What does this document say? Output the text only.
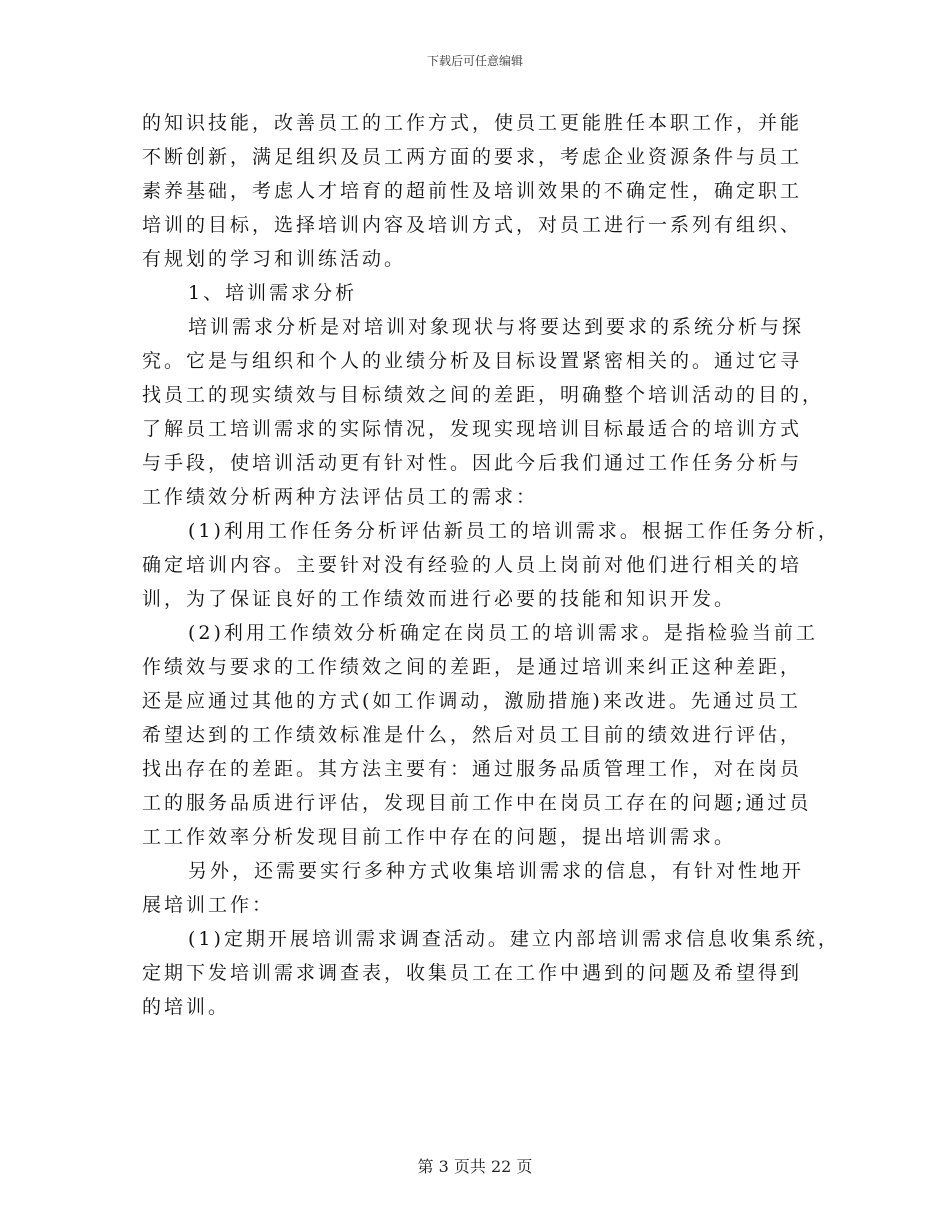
下载后可任意编辑
的知识技能，改善员工的工作方式，使员工更能胜任本职工作，并能
不断创新，满足组织及员工两方面的要求，考虑企业资源条件与员工
素养基础，考虑人才培育的超前性及培训效果的不确定性，确定职工
培训的目标，选择培训内容及培训方式，对员工进行一系列有组织、
有规划的学习和训练活动。
1、培训需求分析
培训需求分析是对培训对象现状与将要达到要求的系统分析与探
究。它是与组织和个人的业绩分析及目标设置紧密相关的。通过它寻
找员工的现实绩效与目标绩效之间的差距，明确整个培训活动的目的，
了解员工培训需求的实际情况，发现实现培训目标最适合的培训方式
与手段，使培训活动更有针对性。因此今后我们通过工作任务分析与
工作绩效分析两种方法评估员工的需求：
(1)利用工作任务分析评估新员工的培训需求。根据工作任务分析，
确定培训内容。主要针对没有经验的人员上岗前对他们进行相关的培
训，为了保证良好的工作绩效而进行必要的技能和知识开发。
(2)利用工作绩效分析确定在岗员工的培训需求。是指检验当前工
作绩效与要求的工作绩效之间的差距，是通过培训来纠正这种差距，
还是应通过其他的方式(如工作调动，激励措施)来改进。先通过员工
希望达到的工作绩效标准是什么，然后对员工目前的绩效进行评估，
找出存在的差距。其方法主要有：通过服务品质管理工作，对在岗员
工的服务品质进行评估，发现目前工作中在岗员工存在的问题;通过员
工工作效率分析发现目前工作中存在的问题，提出培训需求。
另外，还需要实行多种方式收集培训需求的信息，有针对性地开
展培训工作：
(1)定期开展培训需求调查活动。建立内部培训需求信息收集系统，
定期下发培训需求调查表，收集员工在工作中遇到的问题及希望得到
的培训。
第 3 页共 22 页
